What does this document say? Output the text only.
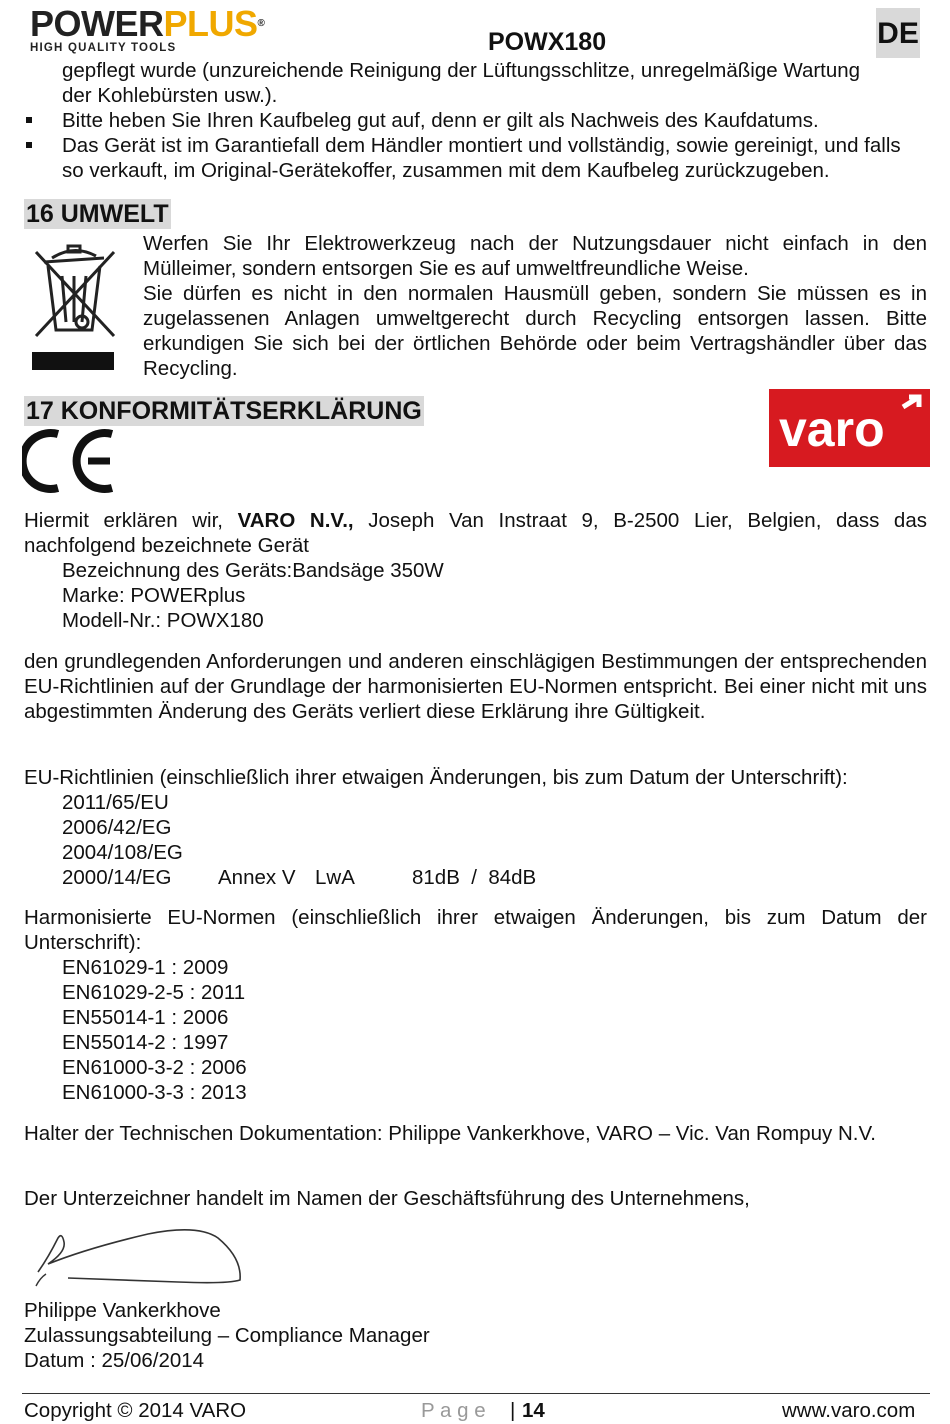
POWERPLUS®
HIGH QUALITY TOOLS	POWX180	DE
gepflegt wurde (unzureichende Reinigung der Lüftungsschlitze, unregelmäßige Wartung
der Kohlebürsten usw.).
Bitte heben Sie Ihren Kaufbeleg gut auf, denn er gilt als Nachweis des Kaufdatums.
Das Gerät ist im Garantiefall dem Händler montiert und vollständig, sowie gereinigt, und falls so verkauft, im Original-Gerätekoffer, zusammen mit dem Kaufbeleg zurückzugeben.
16 UMWELT
Werfen Sie Ihr Elektrowerkzeug nach der Nutzungsdauer nicht einfach in den Mülleimer, sondern entsorgen Sie es auf umweltfreundliche Weise.
Sie dürfen es nicht in den normalen Hausmüll geben, sondern Sie müssen es in zugelassenen Anlagen umweltgerecht durch Recycling entsorgen lassen. Bitte erkundigen Sie sich bei der örtlichen Behörde oder beim Vertragshändler über das Recycling.
17 KONFORMITÄTSERKLÄRUNG	varo
Hiermit erklären wir, VARO N.V., Joseph Van Instraat 9, B-2500 Lier, Belgien, dass das nachfolgend bezeichnete Gerät
Bezeichnung des Geräts:Bandsäge 350W
Marke: POWERplus
Modell-Nr.: POWX180
den grundlegenden Anforderungen und anderen einschlägigen Bestimmungen der entsprechenden EU-Richtlinien auf der Grundlage der harmonisierten EU-Normen entspricht. Bei einer nicht mit uns abgestimmten Änderung des Geräts verliert diese Erklärung ihre Gültigkeit.
EU-Richtlinien (einschließlich ihrer etwaigen Änderungen, bis zum Datum der Unterschrift):
2011/65/EU
2006/42/EG
2004/108/EG
2000/14/EG Annex V LwA	81dB  /  84dB
Harmonisierte EU-Normen (einschließlich ihrer etwaigen Änderungen, bis zum Datum der Unterschrift):
EN61029-1 : 2009
EN61029-2-5 : 2011
EN55014-1 : 2006
EN55014-2 : 1997
EN61000-3-2 : 2006
EN61000-3-3 : 2013
Halter der Technischen Dokumentation: Philippe Vankerkhove, VARO – Vic. Van Rompuy N.V.
Der Unterzeichner handelt im Namen der Geschäftsführung des Unternehmens,
Philippe Vankerkhove
Zulassungsabteilung – Compliance Manager
Datum : 25/06/2014
Copyright © 2014 VARO	P a g e | 14	www.varo.com
